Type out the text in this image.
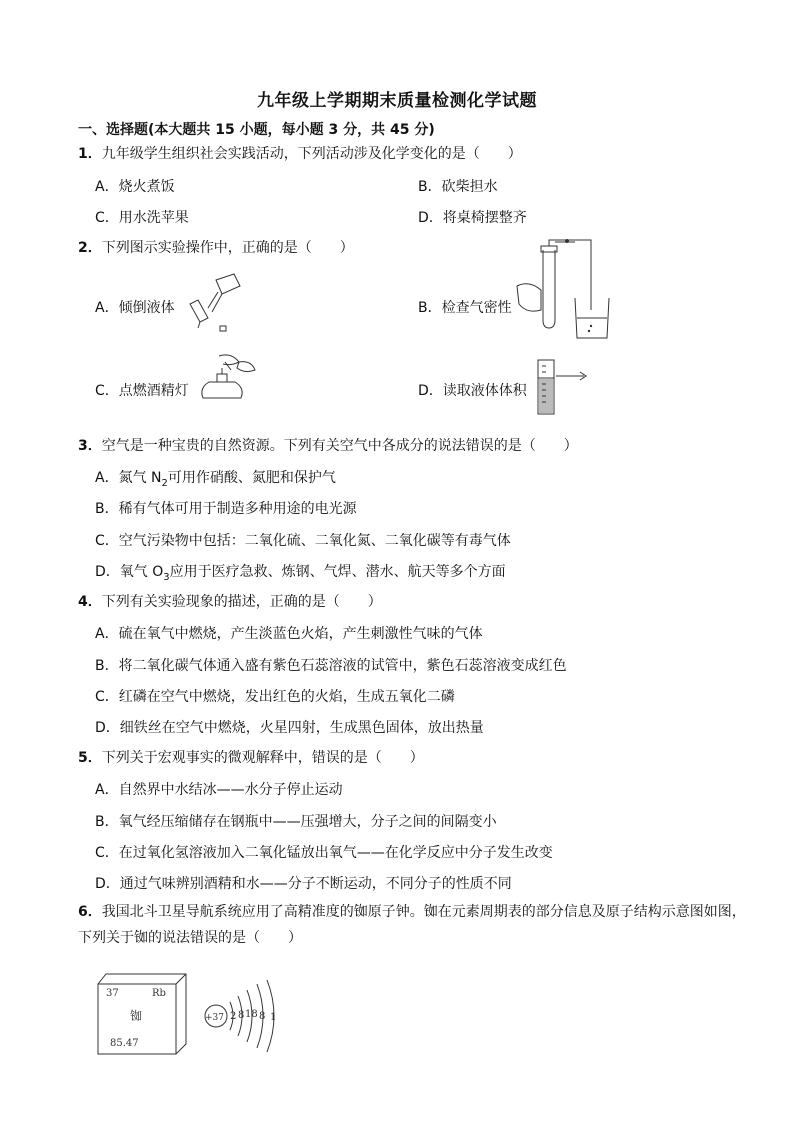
九年级上学期期末质量检测化学试题
一、选择题(本大题共 15 小题，每小题 3 分，共 45 分)
1．九年级学生组织社会实践活动，下列活动涉及化学变化的是（　　）
A．烧火煮饭	B．砍柴担水
C．用水洗苹果	D．将桌椅摆整齐
2．下列图示实验操作中，正确的是（　　）
A．倾倒液体	B．检查气密性
C．点燃酒精灯	D．读取液体体积
3．空气是一种宝贵的自然资源。下列有关空气中各成分的说法错误的是（　　）
A．氮气 $N_2$可用作硝酸、氮肥和保护气
B．稀有气体可用于制造多种用途的电光源
C．空气污染物中包括：二氧化硫、二氧化氮、二氧化碳等有毒气体
D．氧气 $O_3$应用于医疗急救、炼钢、气焊、潜水、航天等多个方面
4．下列有关实验现象的描述，正确的是（　　）
A．硫在氧气中燃烧，产生淡蓝色火焰，产生刺激性气味的气体
B．将二氧化碳气体通入盛有紫色石蕊溶液的试管中，紫色石蕊溶液变成红色
C．红磷在空气中燃烧，发出红色的火焰，生成五氧化二磷
D．细铁丝在空气中燃烧，火星四射，生成黑色固体，放出热量
5．下列关于宏观事实的微观解释中，错误的是（　　）
A．自然界中水结冰——水分子停止运动
B．氧气经压缩储存在钢瓶中——压强增大，分子之间的间隔变小
C．在过氧化氢溶液加入二氧化锰放出氧气——在化学反应中分子发生改变
D．通过气味辨别酒精和水——分子不断运动，不同分子的性质不同
6．我国北斗卫星导航系统应用了高精准度的铷原子钟。铷在元素周期表的部分信息及原子结构示意图如图，下列关于铷的说法错误的是（　　）
37	Rb
铷
85.47
+37 2 8 18 8 1
